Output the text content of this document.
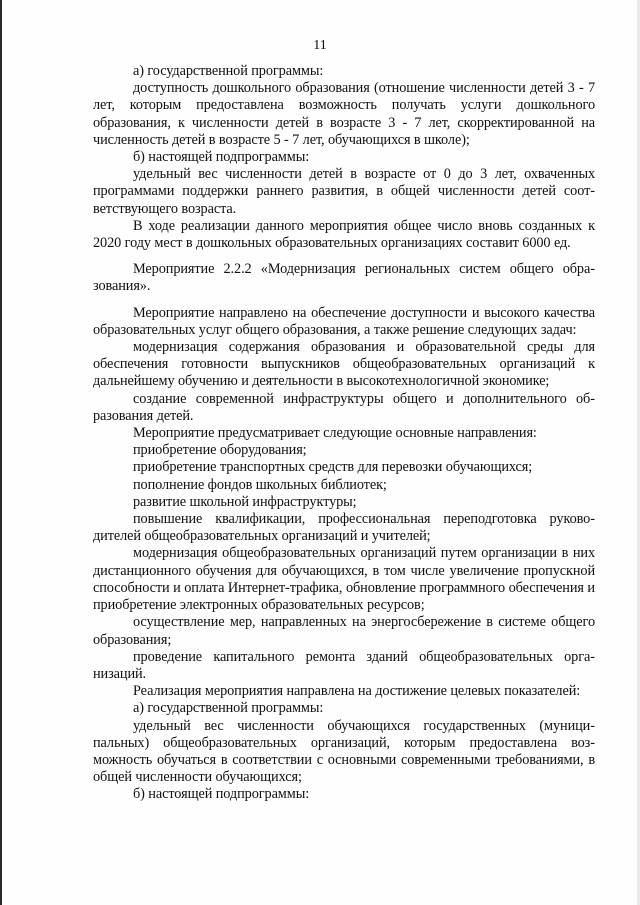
11

а) государственной программы:

доступность дошкольного образования (отношение численности детей 3 - 7 лет, которым предоставлена возможность получать услуги дошкольного образования, к численности детей в возрасте 3 - 7 лет, скорректированной на численность детей в возрасте 5 - 7 лет, обучающихся в школе);

б) настоящей подпрограммы:

удельный вес численности детей в возрасте от 0 до 3 лет, охваченных программами поддержки раннего развития, в общей численности детей соответствующего возраста.

В ходе реализации данного мероприятия общее число вновь созданных к 2020 году мест в дошкольных образовательных организациях составит 6000 ед.

Мероприятие 2.2.2 «Модернизация региональных систем общего образования».

Мероприятие направлено на обеспечение доступности и высокого качества образовательных услуг общего образования, а также решение следующих задач:

модернизация содержания образования и образовательной среды для обеспечения готовности выпускников общеобразовательных организаций к дальнейшему обучению и деятельности в высокотехнологичной экономике;

создание современной инфраструктуры общего и дополнительного образования детей.

Мероприятие предусматривает следующие основные направления:

приобретение оборудования;

приобретение транспортных средств для перевозки обучающихся;

пополнение фондов школьных библиотек;

развитие школьной инфраструктуры;

повышение квалификации, профессиональная переподготовка руководителей общеобразовательных организаций и учителей;

модернизация общеобразовательных организаций путем организации в них дистанционного обучения для обучающихся, в том числе увеличение пропускной способности и оплата Интернет-трафика, обновление программного обеспечения и приобретение электронных образовательных ресурсов;

осуществление мер, направленных на энергосбережение в системе общего образования;

проведение капитального ремонта зданий общеобразовательных организаций.

Реализация мероприятия направлена на достижение целевых показателей:

а) государственной программы:

удельный вес численности обучающихся государственных (муниципальных) общеобразовательных организаций, которым предоставлена возможность обучаться в соответствии с основными современными требованиями, в общей численности обучающихся;

б) настоящей подпрограммы:
